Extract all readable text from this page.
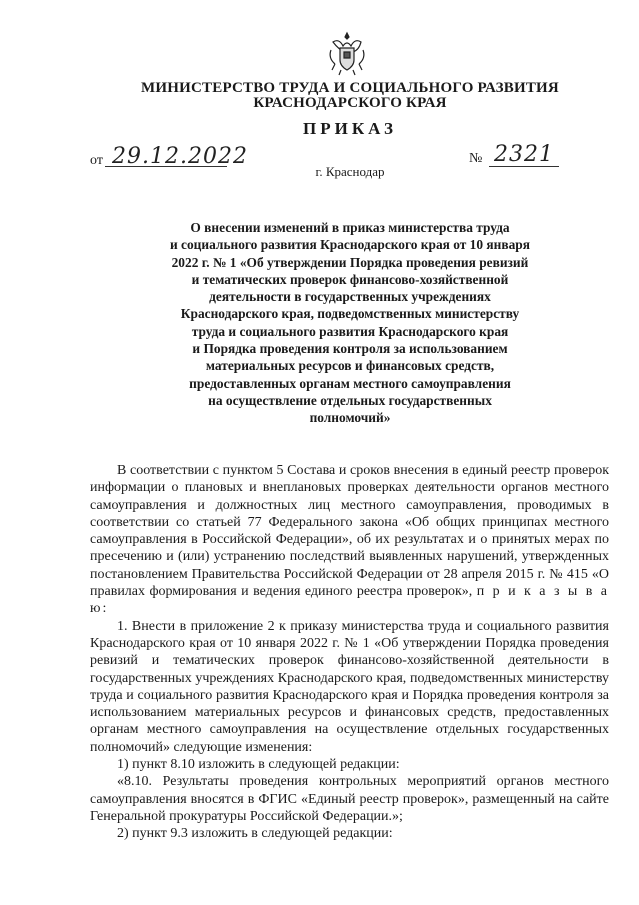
МИНИСТЕРСТВО ТРУДА И СОЦИАЛЬНОГО РАЗВИТИЯ
КРАСНОДАРСКОГО КРАЯ
ПРИКАЗ
от 29.12.2022	№ 2321
г. Краснодар
О внесении изменений в приказ министерства труда
и социального развития Краснодарского края от 10 января
2022 г. № 1 «Об утверждении Порядка проведения ревизий
и тематических проверок финансово-хозяйственной
деятельности в государственных учреждениях
Краснодарского края, подведомственных министерству
труда и социального развития Краснодарского края
и Порядка проведения контроля за использованием
материальных ресурсов и финансовых средств,
предоставленных органам местного самоуправления
на осуществление отдельных государственных
полномочий»

В соответствии с пунктом 5 Состава и сроков внесения в единый реестр проверок информации о плановых и внеплановых проверках деятельности органов местного самоуправления и должностных лиц местного самоуправления, проводимых в соответствии со статьей 77 Федерального закона «Об общих принципах местного самоуправления в Российской Федерации», об их результатах и о принятых мерах по пресечению и (или) устранению последствий выявленных нарушений, утвержденных постановлением Правительства Российской Федерации от 28 апреля 2015 г. № 415 «О правилах формирования и ведения единого реестра проверок», п р и к а з ы в а ю:

1. Внести в приложение 2 к приказу министерства труда и социального развития Краснодарского края от 10 января 2022 г. № 1 «Об утверждении Порядка проведения ревизий и тематических проверок финансово-хозяйственной деятельности в государственных учреждениях Краснодарского края, подведомственных министерству труда и социального развития Краснодарского края и Порядка проведения контроля за использованием материальных ресурсов и финансовых средств, предоставленных органам местного самоуправления на осуществление отдельных государственных полномочий» следующие изменения:

1) пункт 8.10 изложить в следующей редакции:

«8.10. Результаты проведения контрольных мероприятий органов местного самоуправления вносятся в ФГИС «Единый реестр проверок», размещенный на сайте Генеральной прокуратуры Российской Федерации.»;

2) пункт 9.3 изложить в следующей редакции:
